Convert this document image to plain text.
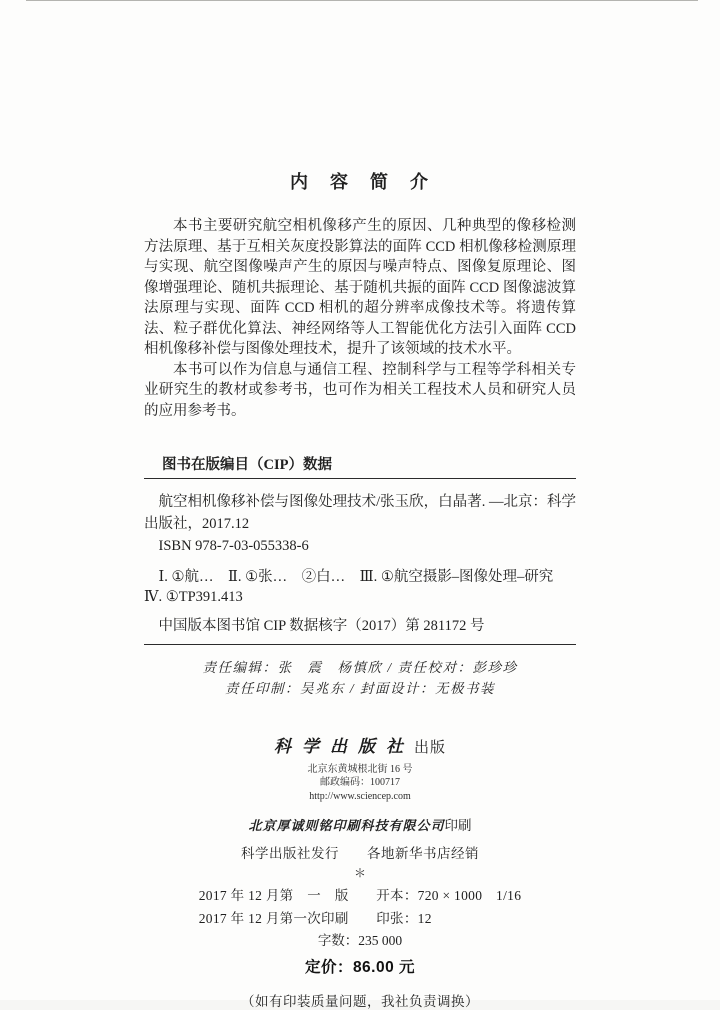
内　容　简　介

本书主要研究航空相机像移产生的原因、几种典型的像移检测方法原理、基于互相关灰度投影算法的面阵 CCD 相机像移检测原理与实现、航空图像噪声产生的原因与噪声特点、图像复原理论、图像增强理论、随机共振理论、基于随机共振的面阵 CCD 图像滤波算法原理与实现、面阵 CCD 相机的超分辨率成像技术等。将遗传算法、粒子群优化算法、神经网络等人工智能优化方法引入面阵 CCD 相机像移补偿与图像处理技术，提升了该领域的技术水平。

本书可以作为信息与通信工程、控制科学与工程等学科相关专业研究生的教材或参考书，也可作为相关工程技术人员和研究人员的应用参考书。

图书在版编目（CIP）数据

航空相机像移补偿与图像处理技术/张玉欣，白晶著. —北京：科学出版社，2017.12

ISBN 978-7-03-055338-6

Ⅰ. ①航…　Ⅱ. ①张…　②白…　Ⅲ. ①航空摄影–图像处理–研究
Ⅳ. ①TP391.413

中国版本图书馆 CIP 数据核字（2017）第 281172 号

责任编辑：张　震　杨慎欣 / 责任校对：彭珍珍
责任印制：吴兆东 / 封面设计：无极书装
科学出版社出版
北京东黄城根北街 16 号
邮政编码：100717
http://www.sciencep.com
北京厚诚则铭印刷科技有限公司印刷
科学出版社发行　　各地新华书店经销
＊
2017 年 12 月第　一　版　　开本：720 × 1000　1/16
2017 年 12 月第一次印刷　　印张：12
字数：235 000
定价：86.00 元
（如有印装质量问题，我社负责调换）
